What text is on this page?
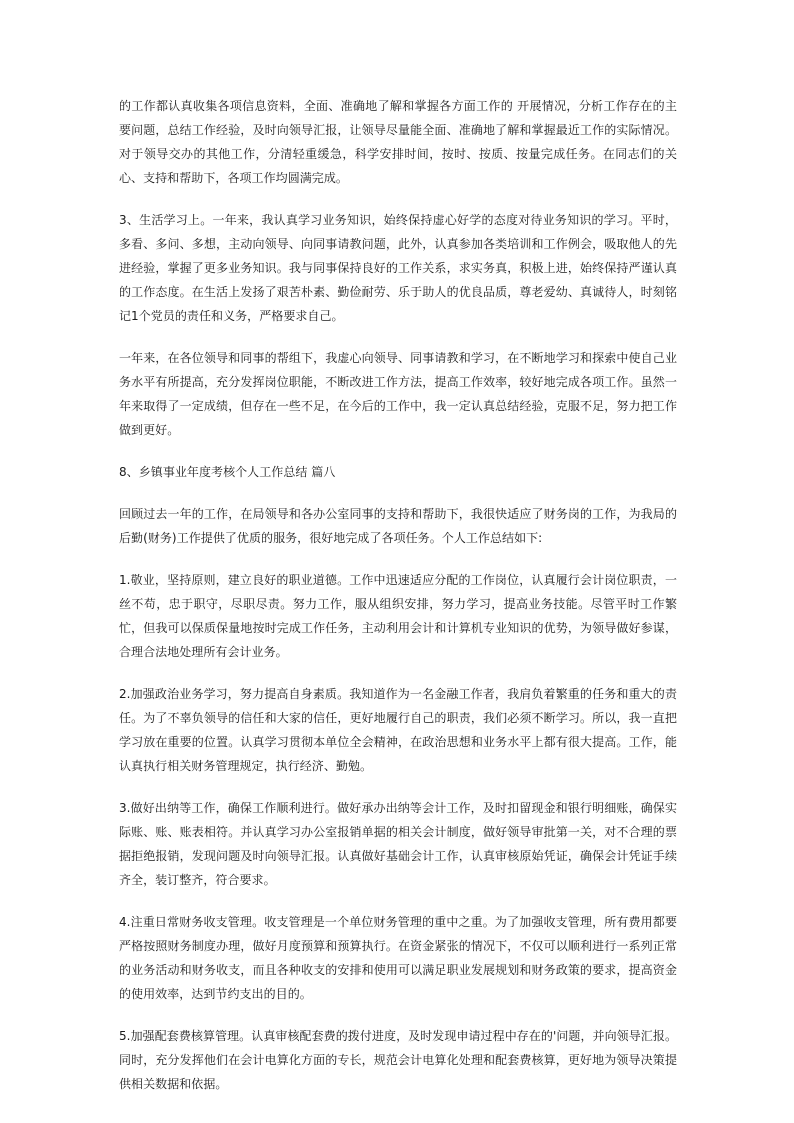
的工作都认真收集各项信息资料，全面、准确地了解和掌握各方面工作的 开展情况，分析工作存在的主要问题，总结工作经验，及时向领导汇报，让领导尽量能全面、准确地了解和掌握最近工作的实际情况。对于领导交办的其他工作，分清轻重缓急，科学安排时间，按时、按质、按量完成任务。在同志们的关心、支持和帮助下，各项工作均圆满完成。

3、生活学习上。一年来，我认真学习业务知识，始终保持虚心好学的态度对待业务知识的学习。平时，多看、多问、多想，主动向领导、向同事请教问题，此外，认真参加各类培训和工作例会，吸取他人的先进经验，掌握了更多业务知识。我与同事保持良好的工作关系，求实务真，积极上进，始终保持严谨认真的工作态度。在生活上发扬了艰苦朴素、勤俭耐劳、乐于助人的优良品质，尊老爱幼、真诚待人，时刻铭记1个党员的责任和义务，严格要求自己。

一年来，在各位领导和同事的帮组下，我虚心向领导、同事请教和学习，在不断地学习和探索中使自己业务水平有所提高，充分发挥岗位职能，不断改进工作方法，提高工作效率，较好地完成各项工作。虽然一年来取得了一定成绩，但存在一些不足，在今后的工作中，我一定认真总结经验，克服不足，努力把工作做到更好。

8、乡镇事业年度考核个人工作总结 篇八

回顾过去一年的工作，在局领导和各办公室同事的支持和帮助下，我很快适应了财务岗的工作，为我局的后勤(财务)工作提供了优质的服务，很好地完成了各项任务。个人工作总结如下:

1.敬业，坚持原则，建立良好的职业道德。工作中迅速适应分配的工作岗位，认真履行会计岗位职责，一丝不苟，忠于职守，尽职尽责。努力工作，服从组织安排，努力学习，提高业务技能。尽管平时工作繁忙，但我可以保质保量地按时完成工作任务，主动利用会计和计算机专业知识的优势，为领导做好参谋，合理合法地处理所有会计业务。

2.加强政治业务学习，努力提高自身素质。我知道作为一名金融工作者，我肩负着繁重的任务和重大的责任。为了不辜负领导的信任和大家的信任，更好地履行自己的职责，我们必须不断学习。所以，我一直把学习放在重要的位置。认真学习贯彻本单位全会精神，在政治思想和业务水平上都有很大提高。工作，能认真执行相关财务管理规定，执行经济、勤勉。

3.做好出纳等工作，确保工作顺利进行。做好承办出纳等会计工作，及时扣留现金和银行明细账，确保实际账、账、账表相符。并认真学习办公室报销单据的相关会计制度，做好领导审批第一关，对不合理的票据拒绝报销，发现问题及时向领导汇报。认真做好基础会计工作，认真审核原始凭证，确保会计凭证手续齐全，装订整齐，符合要求。

4.注重日常财务收支管理。收支管理是一个单位财务管理的重中之重。为了加强收支管理，所有费用都要严格按照财务制度办理，做好月度预算和预算执行。在资金紧张的情况下，不仅可以顺利进行一系列正常的业务活动和财务收支，而且各种收支的安排和使用可以满足职业发展规划和财务政策的要求，提高资金的使用效率，达到节约支出的目的。

5.加强配套费核算管理。认真审核配套费的拨付进度，及时发现申请过程中存在的'问题，并向领导汇报。同时，充分发挥他们在会计电算化方面的专长，规范会计电算化处理和配套费核算，更好地为领导决策提供相关数据和依据。
